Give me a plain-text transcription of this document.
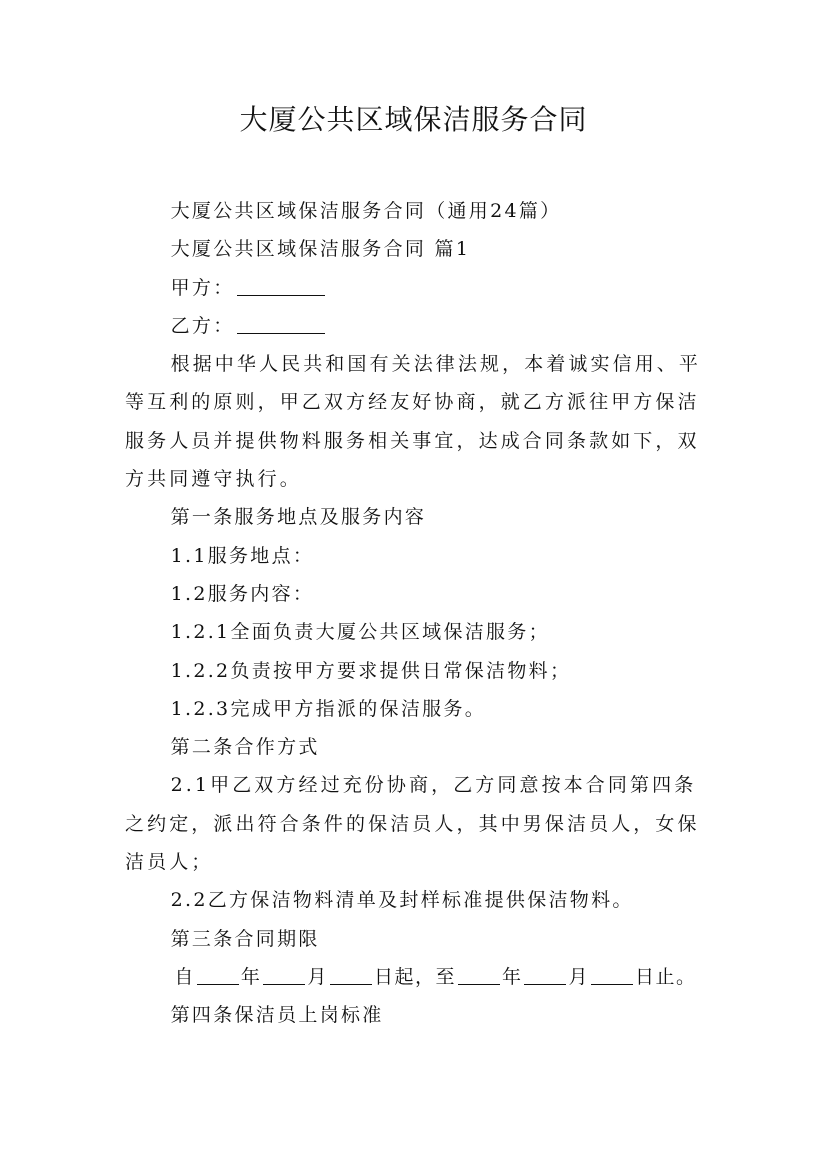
大厦公共区域保洁服务合同

大厦公共区域保洁服务合同（通用24篇）

大厦公共区域保洁服务合同 篇1

甲方：

乙方：

根据中华人民共和国有关法律法规，本着诚实信用、平等互利的原则，甲乙双方经友好协商，就乙方派往甲方保洁服务人员并提供物料服务相关事宜，达成合同条款如下，双方共同遵守执行。

第一条服务地点及服务内容

1.1服务地点：

1.2服务内容：

1.2.1全面负责大厦公共区域保洁服务；

1.2.2负责按甲方要求提供日常保洁物料；

1.2.3完成甲方指派的保洁服务。

第二条合作方式

2.1甲乙双方经过充份协商，乙方同意按本合同第四条之约定，派出符合条件的保洁员人，其中男保洁员人，女保洁员人；

2.2乙方保洁物料清单及封样标准提供保洁物料。

第三条合同期限

自 年 月 日起，至 年 月 日止。

第四条保洁员上岗标准
